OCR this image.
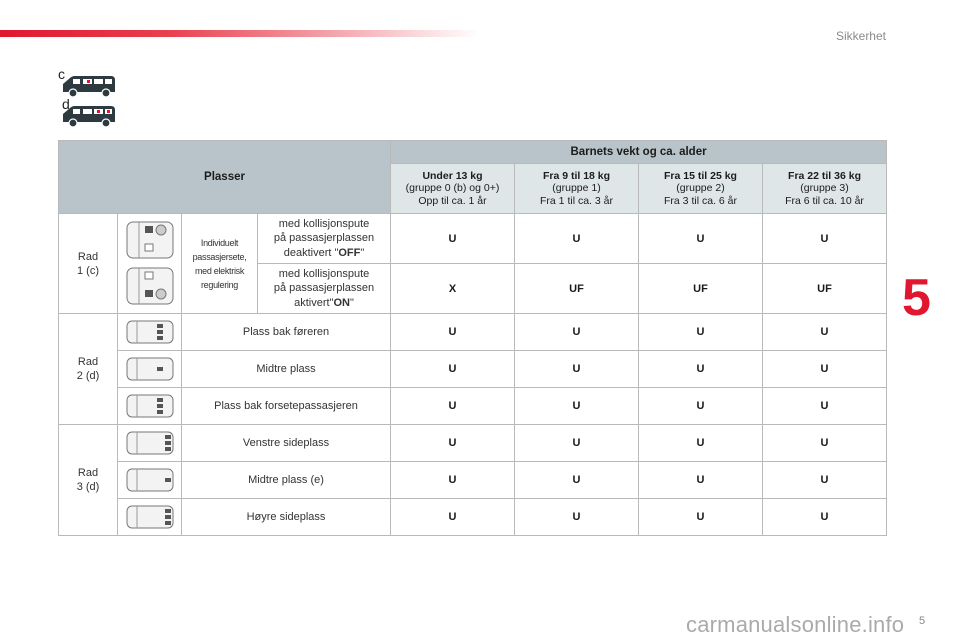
Sikkerhet
5
5
carmanualsonline.info
c
d
Plasser				Barnets vekt og ca. alder			
				Under 13 kg
(gruppe 0 (b) og 0+)
Opp til ca. 1 år	Fra 9 til 18 kg
(gruppe 1)
Fra 1 til ca. 3 år	Fra 15 til 25 kg
(gruppe 2)
Fra 3 til ca. 6 år	Fra 22 til 36 kg
(gruppe 3)
Fra 6 til ca. 10 år
Rad
1 (c)		Individuelt
passasjersete,
med elektrisk
regulering	med kollisjonspute
på passasjerplassen
deaktivert "OFF"	U	U	U	U
			med kollisjonspute
på passasjerplassen
aktivert"ON"	X	UF	UF	UF
Rad
2 (d)		Plass bak føreren		U	U	U	U

	Midtre plass		U	U	U	U

	Plass bak forsetepassasjeren		U	U	U	U
Rad
3 (d)		Venstre sideplass		U	U	U	U

	Midtre plass (e)		U	U	U	U

	Høyre sideplass		U	U	U	U
